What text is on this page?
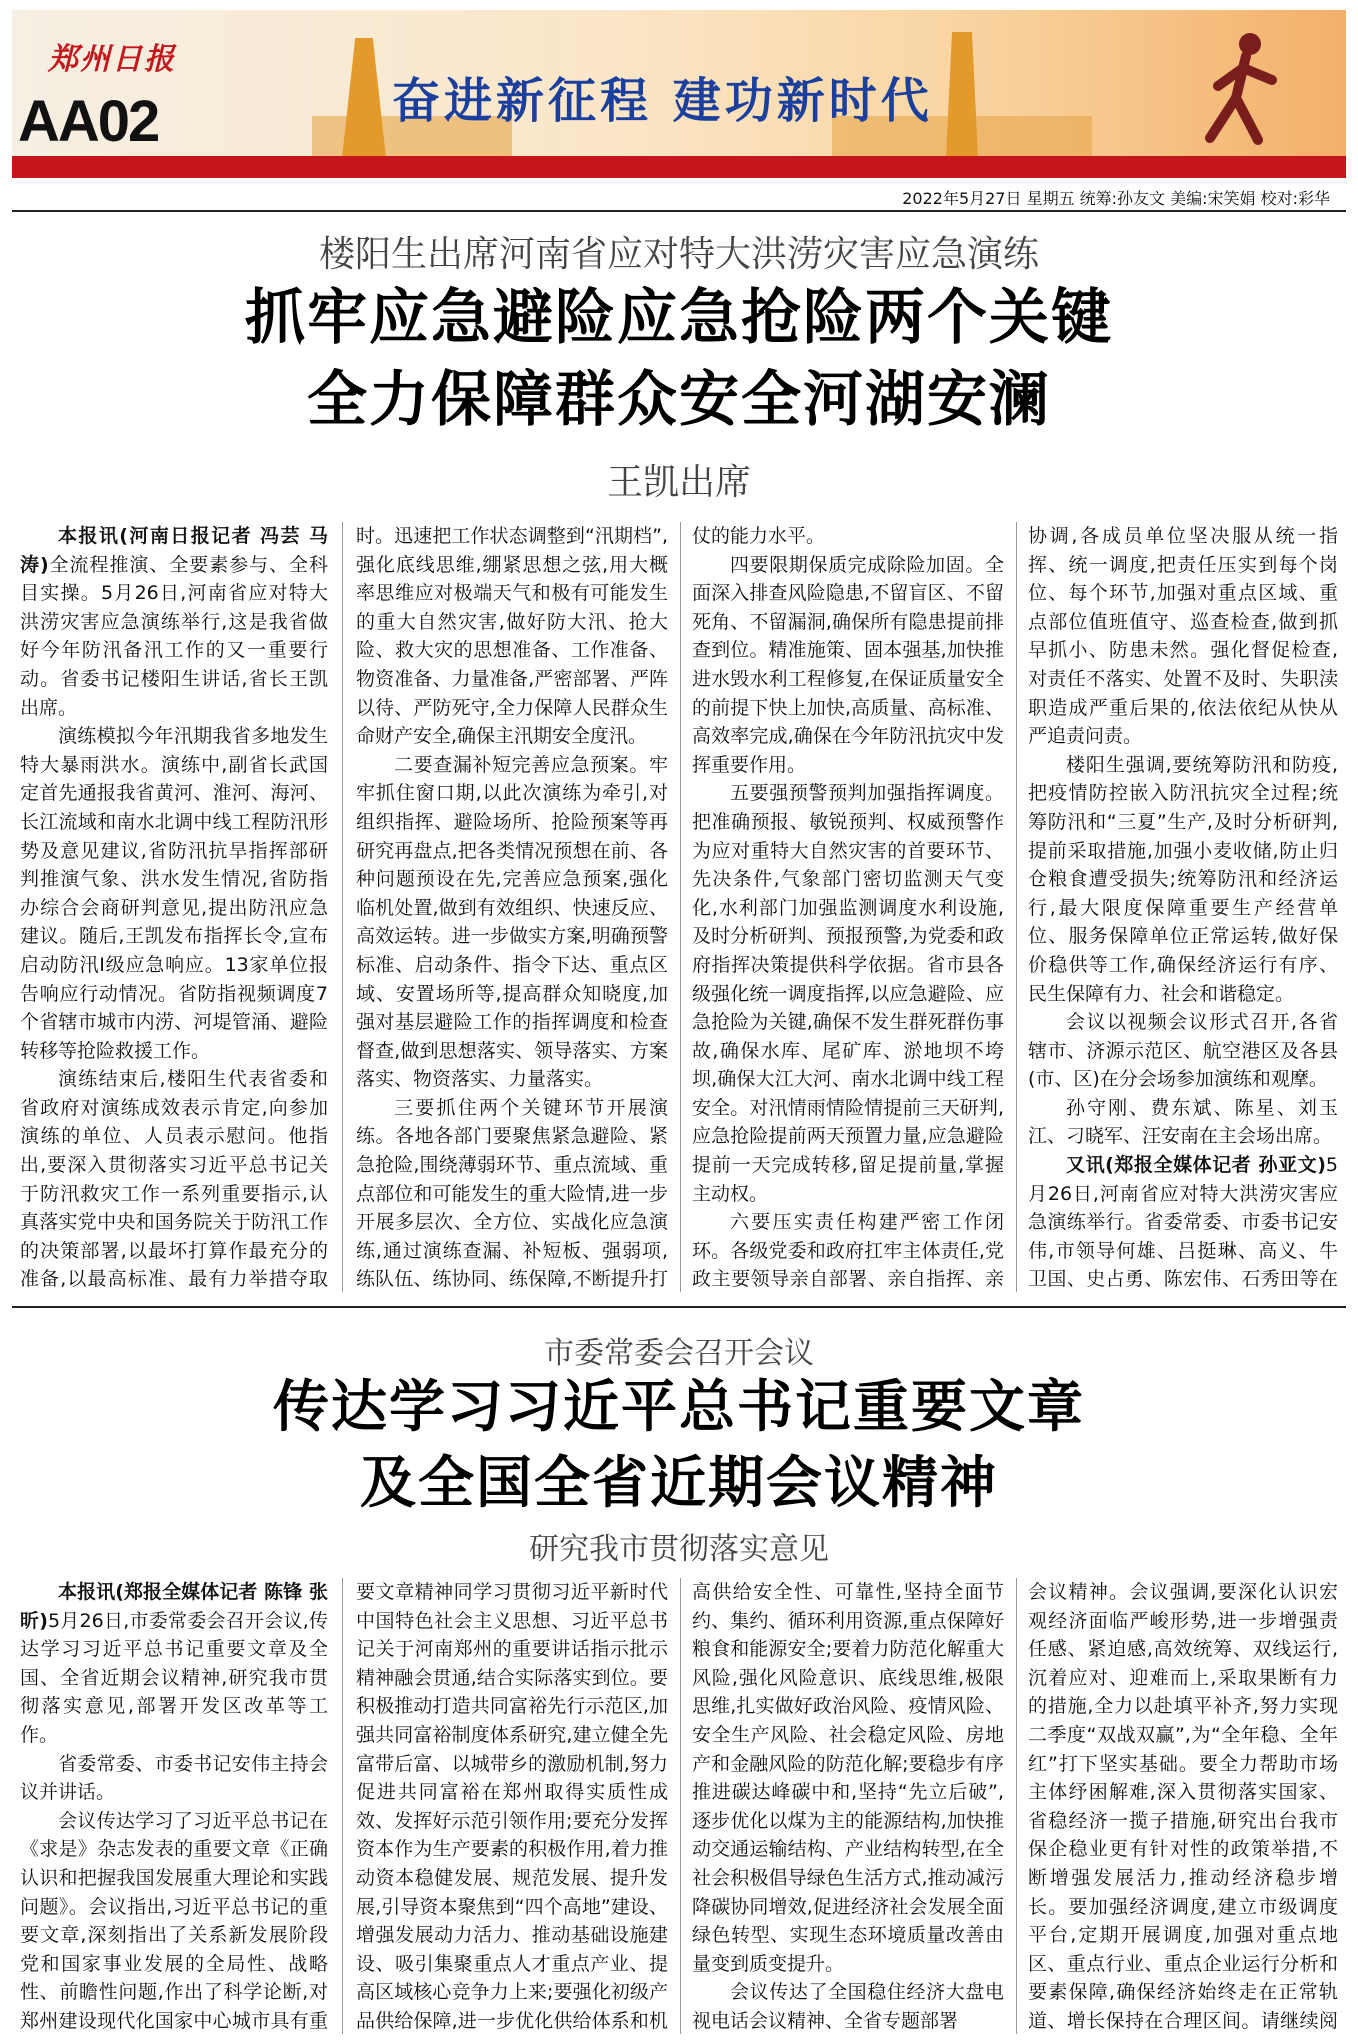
郑州日报
AA02	奋进新征程 建功新时代
2022年5月27日 星期五 统筹:孙友文 美编:宋笑娟 校对:彩华
楼阳生出席河南省应对特大洪涝灾害应急演练
抓牢应急避险应急抢险两个关键
全力保障群众安全河湖安澜
王凯出席

本报讯(河南日报记者 冯芸 马涛)全流程推演、全要素参与、全科目实操。5月26日,河南省应对特大洪涝灾害应急演练举行,这是我省做好今年防汛备汛工作的又一重要行动。省委书记楼阳生讲话,省长王凯出席。

演练模拟今年汛期我省多地发生特大暴雨洪水。演练中,副省长武国定首先通报我省黄河、淮河、海河、长江流域和南水北调中线工程防汛形势及意见建议,省防汛抗旱指挥部研判推演气象、洪水发生情况,省防指办综合会商研判意见,提出防汛应急建议。随后,王凯发布指挥长令,宣布启动防汛Ⅰ级应急响应。13家单位报告响应行动情况。省防指视频调度7个省辖市城市内涝、河堤管涌、避险转移等抢险救援工作。

演练结束后,楼阳生代表省委和省政府对演练成效表示肯定,向参加演练的单位、人员表示慰问。他指出,要深入贯彻落实习近平总书记关于防汛救灾工作一系列重要指示,认真落实党中央和国务院关于防汛工作的决策部署,以最坏打算作最充分的准备,以最高标准、最有力举措夺取

时。迅速把工作状态调整到“汛期档”,强化底线思维,绷紧思想之弦,用大概率思维应对极端天气和极有可能发生的重大自然灾害,做好防大汛、抢大险、救大灾的思想准备、工作准备、物资准备、力量准备,严密部署、严阵以待、严防死守,全力保障人民群众生命财产安全,确保主汛期安全度汛。

二要查漏补短完善应急预案。牢牢抓住窗口期,以此次演练为牵引,对组织指挥、避险场所、抢险预案等再研究再盘点,把各类情况预想在前、各种问题预设在先,完善应急预案,强化临机处置,做到有效组织、快速反应、高效运转。进一步做实方案,明确预警标准、启动条件、指令下达、重点区域、安置场所等,提高群众知晓度,加强对基层避险工作的指挥调度和检查督查,做到思想落实、领导落实、方案落实、物资落实、力量落实。

三要抓住两个关键环节开展演练。各地各部门要聚焦紧急避险、紧急抢险,围绕薄弱环节、重点流域、重点部位和可能发生的重大险情,进一步开展多层次、全方位、实战化应急演练,通过演练查漏、补短板、强弱项,练队伍、练协同、练保障,不断提升打

仗的能力水平。

四要限期保质完成除险加固。全面深入排查风险隐患,不留盲区、不留死角、不留漏洞,确保所有隐患提前排查到位。精准施策、固本强基,加快推进水毁水利工程修复,在保证质量安全的前提下快上加快,高质量、高标准、高效率完成,确保在今年防汛抗灾中发挥重要作用。

五要强预警预判加强指挥调度。把准确预报、敏锐预判、权威预警作为应对重特大自然灾害的首要环节、先决条件,气象部门密切监测天气变化,水利部门加强监测调度水利设施,及时分析研判、预报预警,为党委和政府指挥决策提供科学依据。省市县各级强化统一调度指挥,以应急避险、应急抢险为关键,确保不发生群死群伤事故,确保水库、尾矿库、淤地坝不垮坝,确保大江大河、南水北调中线工程安全。对汛情雨情险情提前三天研判,应急抢险提前两天预置力量,应急避险提前一天完成转移,留足提前量,掌握主动权。

六要压实责任构建严密工作闭环。各级党委和政府扛牢主体责任,党政主要领导亲自部署、亲自指挥、亲

协调,各成员单位坚决服从统一指挥、统一调度,把责任压实到每个岗位、每个环节,加强对重点区域、重点部位值班值守、巡查检查,做到抓早抓小、防患未然。强化督促检查,对责任不落实、处置不及时、失职渎职造成严重后果的,依法依纪从快从严追责问责。

楼阳生强调,要统筹防汛和防疫,把疫情防控嵌入防汛抗灾全过程;统筹防汛和“三夏”生产,及时分析研判,提前采取措施,加强小麦收储,防止归仓粮食遭受损失;统筹防汛和经济运行,最大限度保障重要生产经营单位、服务保障单位正常运转,做好保价稳供等工作,确保经济运行有序、民生保障有力、社会和谐稳定。

会议以视频会议形式召开,各省辖市、济源示范区、航空港区及各县(市、区)在分会场参加演练和观摩。

孙守刚、费东斌、陈星、刘玉江、刁晓军、汪安南在主会场出席。

又讯(郑报全媒体记者 孙亚文)5月26日,河南省应对特大洪涝灾害应急演练举行。省委常委、市委书记安伟,市领导何雄、吕挺琳、高义、牛卫国、史占勇、陈宏伟、石秀田等在

市委常委会召开会议
传达学习习近平总书记重要文章
及全国全省近期会议精神
研究我市贯彻落实意见

本报讯(郑报全媒体记者 陈锋 张昕)5月26日,市委常委会召开会议,传达学习习近平总书记重要文章及全国、全省近期会议精神,研究我市贯彻落实意见,部署开发区改革等工作。

省委常委、市委书记安伟主持会议并讲话。

会议传达学习了习近平总书记在《求是》杂志发表的重要文章《正确认识和把握我国发展重大理论和实践问题》。会议指出,习近平总书记的重要文章,深刻指出了关系新发展阶段党和国家事业发展的全局性、战略性、前瞻性问题,作出了科学论断,对郑州建设现代化国家中心城市具有重

要文章精神同学习贯彻习近平新时代中国特色社会主义思想、习近平总书记关于河南郑州的重要讲话指示批示精神融会贯通,结合实际落实到位。要积极推动打造共同富裕先行示范区,加强共同富裕制度体系研究,建立健全先富带后富、以城带乡的激励机制,努力促进共同富裕在郑州取得实质性成效、发挥好示范引领作用;要充分发挥资本作为生产要素的积极作用,着力推动资本稳健发展、规范发展、提升发展,引导资本聚焦到“四个高地”建设、增强发展动力活力、推动基础设施建设、吸引集聚重点人才重点产业、提高区域核心竞争力上来;要强化初级产品供给保障,进一步优化供给体系和机

高供给安全性、可靠性,坚持全面节约、集约、循环利用资源,重点保障好粮食和能源安全;要着力防范化解重大风险,强化风险意识、底线思维,极限思维,扎实做好政治风险、疫情风险、安全生产风险、社会稳定风险、房地产和金融风险的防范化解;要稳步有序推进碳达峰碳中和,坚持“先立后破”,逐步优化以煤为主的能源结构,加快推动交通运输结构、产业结构转型,在全社会积极倡导绿色生活方式,推动减污降碳协同增效,促进经济社会发展全面绿色转型、实现生态环境质量改善由量变到质变提升。

会议传达了全国稳住经济大盘电视电话会议精神、全省专题部署

会议精神。会议强调,要深化认识宏观经济面临严峻形势,进一步增强责任感、紧迫感,高效统筹、双线运行,沉着应对、迎难而上,采取果断有力的措施,全力以赴填平补齐,努力实现二季度“双战双赢”,为“全年稳、全年红”打下坚实基础。要全力帮助市场主体纾困解难,深入贯彻落实国家、省稳经济一揽子措施,研究出台我市保企稳业更有针对性的政策举措,不断增强发展活力,推动经济稳步增长。要加强经济调度,建立市级调度平台,定期开展调度,加强对重点地区、重点行业、重点企业运行分析和要素保障,确保经济始终走在正常轨道、增长保持在合理区间。请继续阅
